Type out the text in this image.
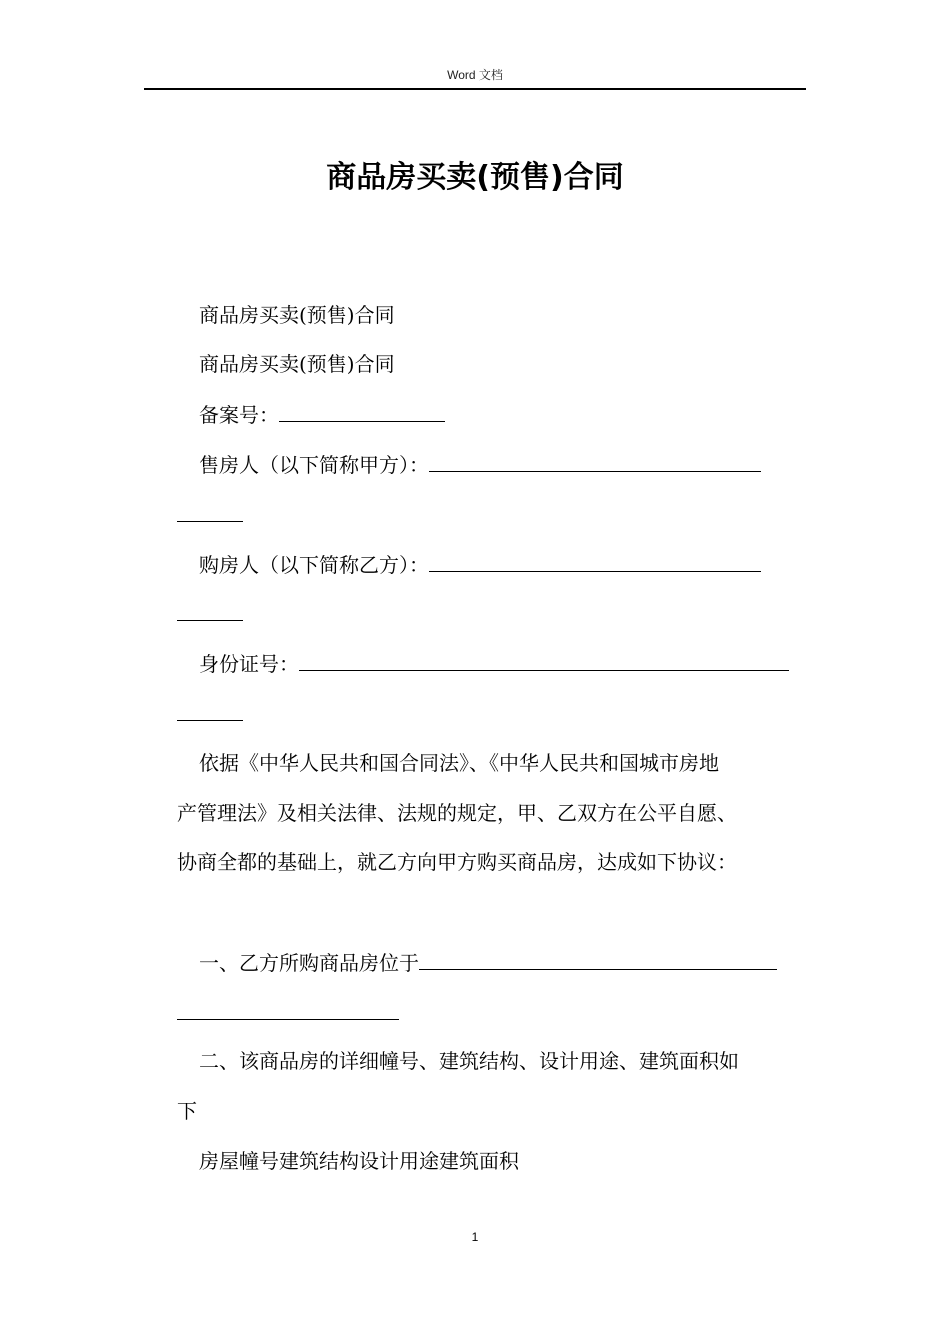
Word 文档
商品房买卖(预售)合同
商品房买卖(预售)合同
商品房买卖(预售)合同
备案号：
售房人（以下简称甲方）：
购房人（以下简称乙方）：
身份证号：
依据《中华人民共和国合同法》、《中华人民共和国城市房地
产管理法》及相关法律、法规的规定，甲、乙双方在公平自愿、
协商全都的基础上，就乙方向甲方购买商品房，达成如下协议：
一、乙方所购商品房位于
二、该商品房的详细幢号、建筑结构、设计用途、建筑面积如
下
房屋幢号建筑结构设计用途建筑面积
1
